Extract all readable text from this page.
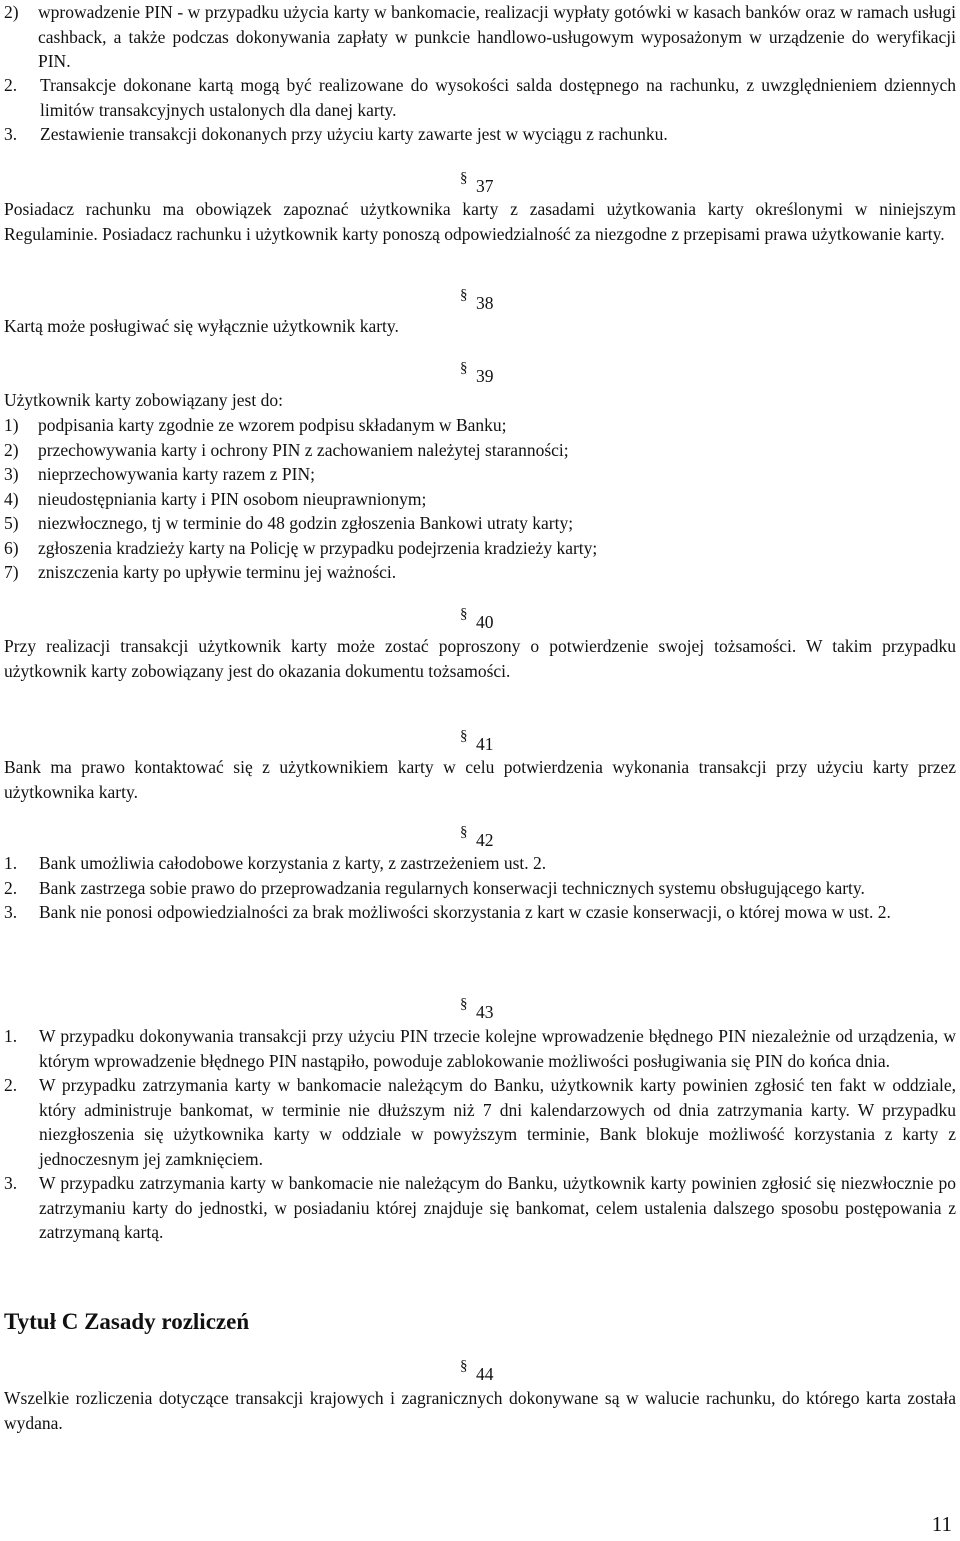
2)	wprowadzenie PIN - w przypadku użycia karty w bankomacie, realizacji wypłaty gotówki w kasach banków oraz w ramach usługi cashback, a także podczas dokonywania zapłaty w punkcie handlowo-usługowym wyposażonym w urządzenie do weryfikacji PIN.
2.	Transakcje dokonane kartą mogą być realizowane do wysokości salda dostępnego na rachunku, z uwzględnieniem dziennych limitów transakcyjnych ustalonych dla danej karty.
3.	Zestawienie transakcji dokonanych przy użyciu karty zawarte jest w wyciągu z rachunku.
§ 37
Posiadacz rachunku ma obowiązek zapoznać użytkownika karty z zasadami użytkowania karty określonymi w niniejszym Regulaminie. Posiadacz rachunku i użytkownik karty ponoszą odpowiedzialność za niezgodne z przepisami prawa użytkowanie karty.
§ 38
Kartą może posługiwać się wyłącznie użytkownik karty.
§ 39
Użytkownik karty zobowiązany jest do:
1)	podpisania karty zgodnie ze wzorem podpisu składanym w Banku;
2)	przechowywania karty i ochrony PIN z zachowaniem należytej staranności;
3)	nieprzechowywania karty razem z PIN;
4)	nieudostępniania karty i PIN osobom nieuprawnionym;
5)	niezwłocznego, tj w terminie do 48 godzin zgłoszenia Bankowi utraty karty;
6)	zgłoszenia kradzieży karty na Policję w przypadku podejrzenia kradzieży karty;
7)	zniszczenia karty po upływie terminu jej ważności.
§ 40
Przy realizacji transakcji użytkownik karty może zostać poproszony o potwierdzenie swojej tożsamości. W takim przypadku użytkownik karty zobowiązany jest do okazania dokumentu tożsamości.
§ 41
Bank ma prawo kontaktować się z użytkownikiem karty w celu potwierdzenia wykonania transakcji przy użyciu karty przez użytkownika karty.
§ 42
1.	Bank umożliwia całodobowe korzystania z karty, z zastrzeżeniem ust. 2.
2.	Bank zastrzega sobie prawo do przeprowadzania regularnych konserwacji technicznych systemu obsługującego karty.
3.	Bank nie ponosi odpowiedzialności za brak możliwości skorzystania z kart w czasie konserwacji, o której mowa w ust. 2.
§ 43
1.	W przypadku dokonywania transakcji przy użyciu PIN trzecie kolejne wprowadzenie błędnego PIN niezależnie od urządzenia, w którym wprowadzenie błędnego PIN nastąpiło, powoduje zablokowanie możliwości posługiwania się PIN do końca dnia.
2.	W przypadku zatrzymania karty w bankomacie należącym do Banku, użytkownik karty powinien zgłosić ten fakt w oddziale, który administruje bankomat, w terminie nie dłuższym niż 7 dni kalendarzowych od dnia zatrzymania karty. W przypadku niezgłoszenia się użytkownika karty w oddziale w powyższym terminie, Bank blokuje możliwość korzystania z karty z jednoczesnym jej zamknięciem.
3.	W przypadku zatrzymania karty w bankomacie nie należącym do Banku, użytkownik karty powinien zgłosić się niezwłocznie po zatrzymaniu karty do jednostki, w posiadaniu której znajduje się bankomat, celem ustalenia dalszego sposobu postępowania z zatrzymaną kartą.
Tytuł C Zasady rozliczeń
§ 44
Wszelkie rozliczenia dotyczące transakcji krajowych i zagranicznych dokonywane są w walucie rachunku, do którego karta została wydana.
11
